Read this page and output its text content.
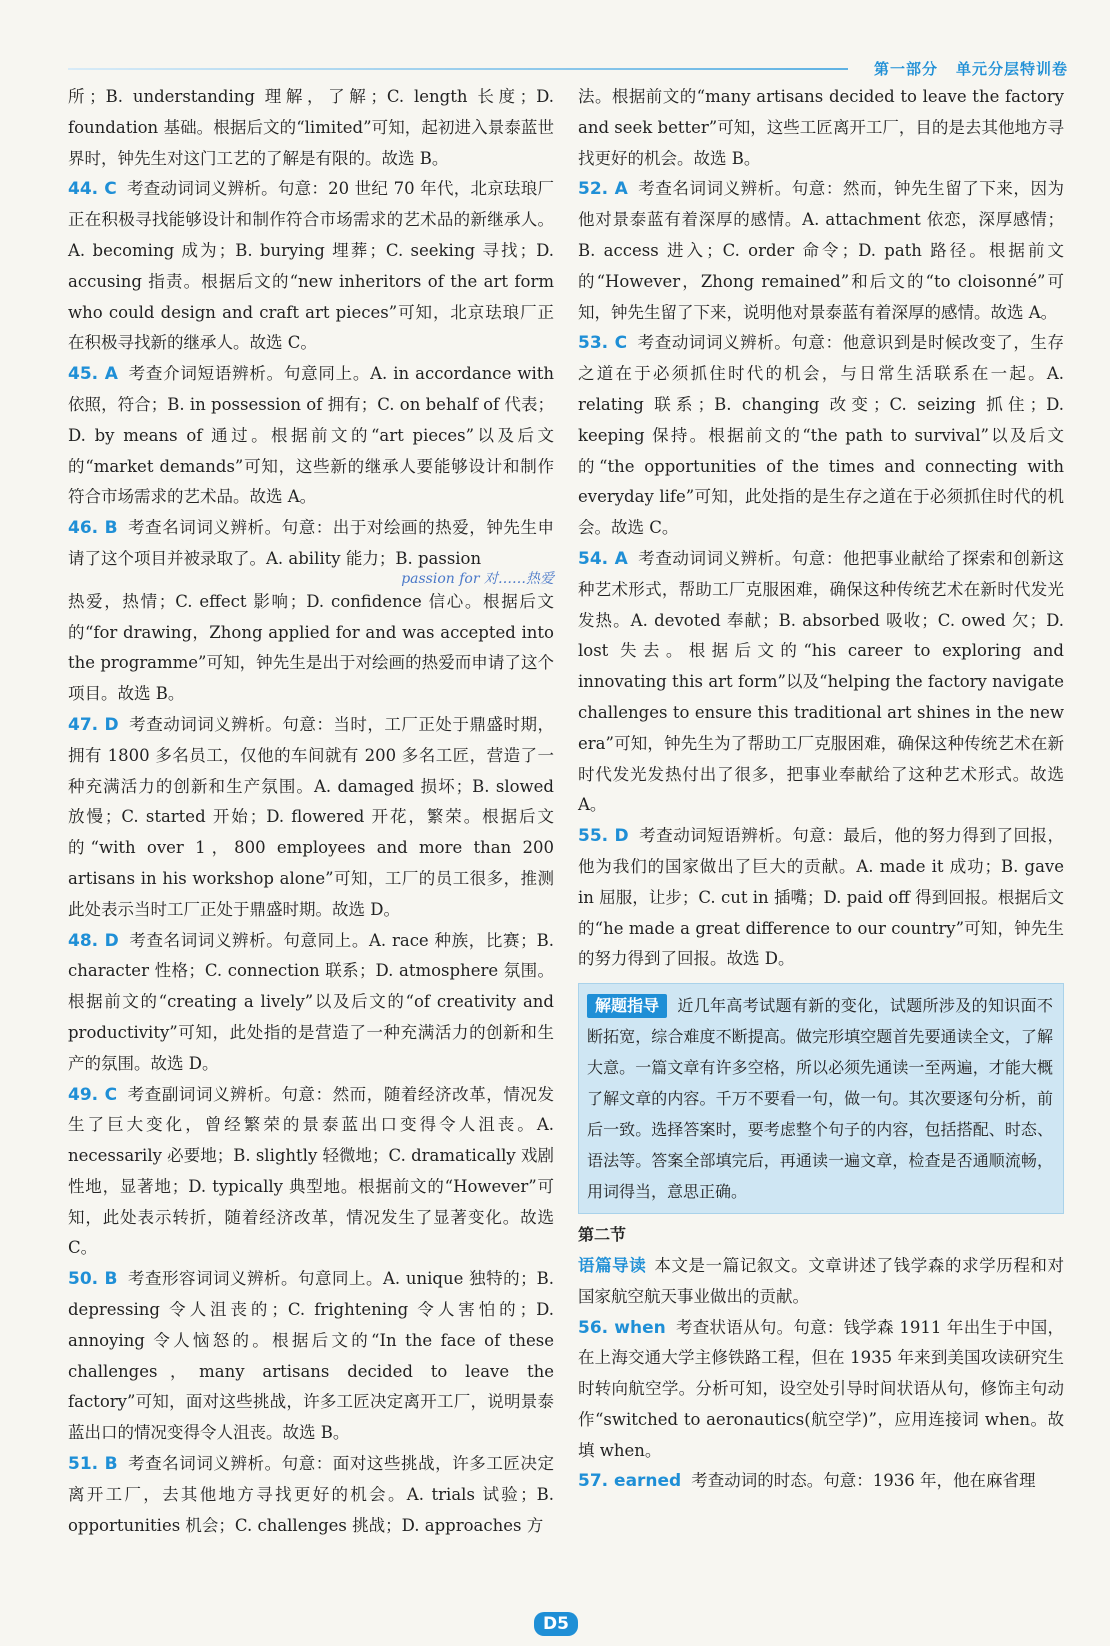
第一部分 单元分层特训卷

所；B. understanding 理解，了解；C. length 长度；D. foundation 基础。根据后文的“limited”可知，起初进入景泰蓝世界时，钟先生对这门工艺的了解是有限的。故选 B。

44. C 考查动词词义辨析。句意：20 世纪 70 年代，北京珐琅厂正在积极寻找能够设计和制作符合市场需求的艺术品的新继承人。A. becoming 成为；B. burying 埋葬；C. seeking 寻找；D. accusing 指责。根据后文的“new inheritors of the art form who could design and craft art pieces”可知，北京珐琅厂正在积极寻找新的继承人。故选 C。

45. A 考查介词短语辨析。句意同上。A. in accordance with 依照，符合；B. in possession of 拥有；C. on behalf of 代表；D. by means of 通过。根据前文的“art pieces”以及后文的“market demands”可知，这些新的继承人要能够设计和制作符合市场需求的艺术品。故选 A。

46. B 考查名词词义辨析。句意：出于对绘画的热爱，钟先生申请了这个项目并被录取了。A. ability 能力；B. passion
passion for 对……热爱
热爱，热情；C. effect 影响；D. confidence 信心。根据后文的“for drawing，Zhong applied for and was accepted into the programme”可知，钟先生是出于对绘画的热爱而申请了这个项目。故选 B。

47. D 考查动词词义辨析。句意：当时，工厂正处于鼎盛时期，拥有 1800 多名员工，仅他的车间就有 200 多名工匠，营造了一种充满活力的创新和生产氛围。A. damaged 损坏；B. slowed 放慢；C. started 开始；D. flowered 开花，繁荣。根据后文的“with over 1，800 employees and more than 200 artisans in his workshop alone”可知，工厂的员工很多，推测此处表示当时工厂正处于鼎盛时期。故选 D。

48. D 考查名词词义辨析。句意同上。A. race 种族，比赛；B. character 性格；C. connection 联系；D. atmosphere 氛围。根据前文的“creating a lively”以及后文的“of creativity and productivity”可知，此处指的是营造了一种充满活力的创新和生产的氛围。故选 D。

49. C 考查副词词义辨析。句意：然而，随着经济改革，情况发生了巨大变化，曾经繁荣的景泰蓝出口变得令人沮丧。A. necessarily 必要地；B. slightly 轻微地；C. dramatically 戏剧性地，显著地；D. typically 典型地。根据前文的“However”可知，此处表示转折，随着经济改革，情况发生了显著变化。故选 C。

50. B 考查形容词词义辨析。句意同上。A. unique 独特的；B. depressing 令人沮丧的；C. frightening 令人害怕的；D. annoying 令人恼怒的。根据后文的“In the face of these challenges，many artisans decided to leave the factory”可知，面对这些挑战，许多工匠决定离开工厂，说明景泰蓝出口的情况变得令人沮丧。故选 B。

51. B 考查名词词义辨析。句意：面对这些挑战，许多工匠决定离开工厂，去其他地方寻找更好的机会。A. trials 试验；B. opportunities 机会；C. challenges 挑战；D. approaches 方

法。根据前文的“many artisans decided to leave the factory and seek better”可知，这些工匠离开工厂，目的是去其他地方寻找更好的机会。故选 B。

52. A 考查名词词义辨析。句意：然而，钟先生留了下来，因为他对景泰蓝有着深厚的感情。A. attachment 依恋，深厚感情；B. access 进入；C. order 命令；D. path 路径。根据前文的“However，Zhong remained”和后文的“to cloisonné”可知，钟先生留了下来，说明他对景泰蓝有着深厚的感情。故选 A。

53. C 考查动词词义辨析。句意：他意识到是时候改变了，生存之道在于必须抓住时代的机会，与日常生活联系在一起。A. relating 联系；B. changing 改变；C. seizing 抓住；D. keeping 保持。根据前文的“the path to survival”以及后文的“the opportunities of the times and connecting with everyday life”可知，此处指的是生存之道在于必须抓住时代的机会。故选 C。

54. A 考查动词词义辨析。句意：他把事业献给了探索和创新这种艺术形式，帮助工厂克服困难，确保这种传统艺术在新时代发光发热。A. devoted 奉献；B. absorbed 吸收；C. owed 欠；D. lost 失去。根据后文的“his career to exploring and innovating this art form”以及“helping the factory navigate challenges to ensure this traditional art shines in the new era”可知，钟先生为了帮助工厂克服困难，确保这种传统艺术在新时代发光发热付出了很多，把事业奉献给了这种艺术形式。故选 A。

55. D 考查动词短语辨析。句意：最后，他的努力得到了回报，他为我们的国家做出了巨大的贡献。A. made it 成功；B. gave in 屈服，让步；C. cut in 插嘴；D. paid off 得到回报。根据后文的“he made a great difference to our country”可知，钟先生的努力得到了回报。故选 D。

解题指导 近几年高考试题有新的变化，试题所涉及的知识面不断拓宽，综合难度不断提高。做完形填空题首先要通读全文，了解大意。一篇文章有许多空格，所以必须先通读一至两遍，才能大概了解文章的内容。千万不要看一句，做一句。其次要逐句分析，前后一致。选择答案时，要考虑整个句子的内容，包括搭配、时态、语法等。答案全部填完后，再通读一遍文章，检查是否通顺流畅，用词得当，意思正确。
第二节

语篇导读 本文是一篇记叙文。文章讲述了钱学森的求学历程和对国家航空航天事业做出的贡献。

56. when 考查状语从句。句意：钱学森 1911 年出生于中国，在上海交通大学主修铁路工程，但在 1935 年来到美国攻读研究生时转向航空学。分析可知，设空处引导时间状语从句，修饰主句动作“switched to aeronautics(航空学)”，应用连接词 when。故填 when。

57. earned 考查动词的时态。句意：1936 年，他在麻省理

D5
